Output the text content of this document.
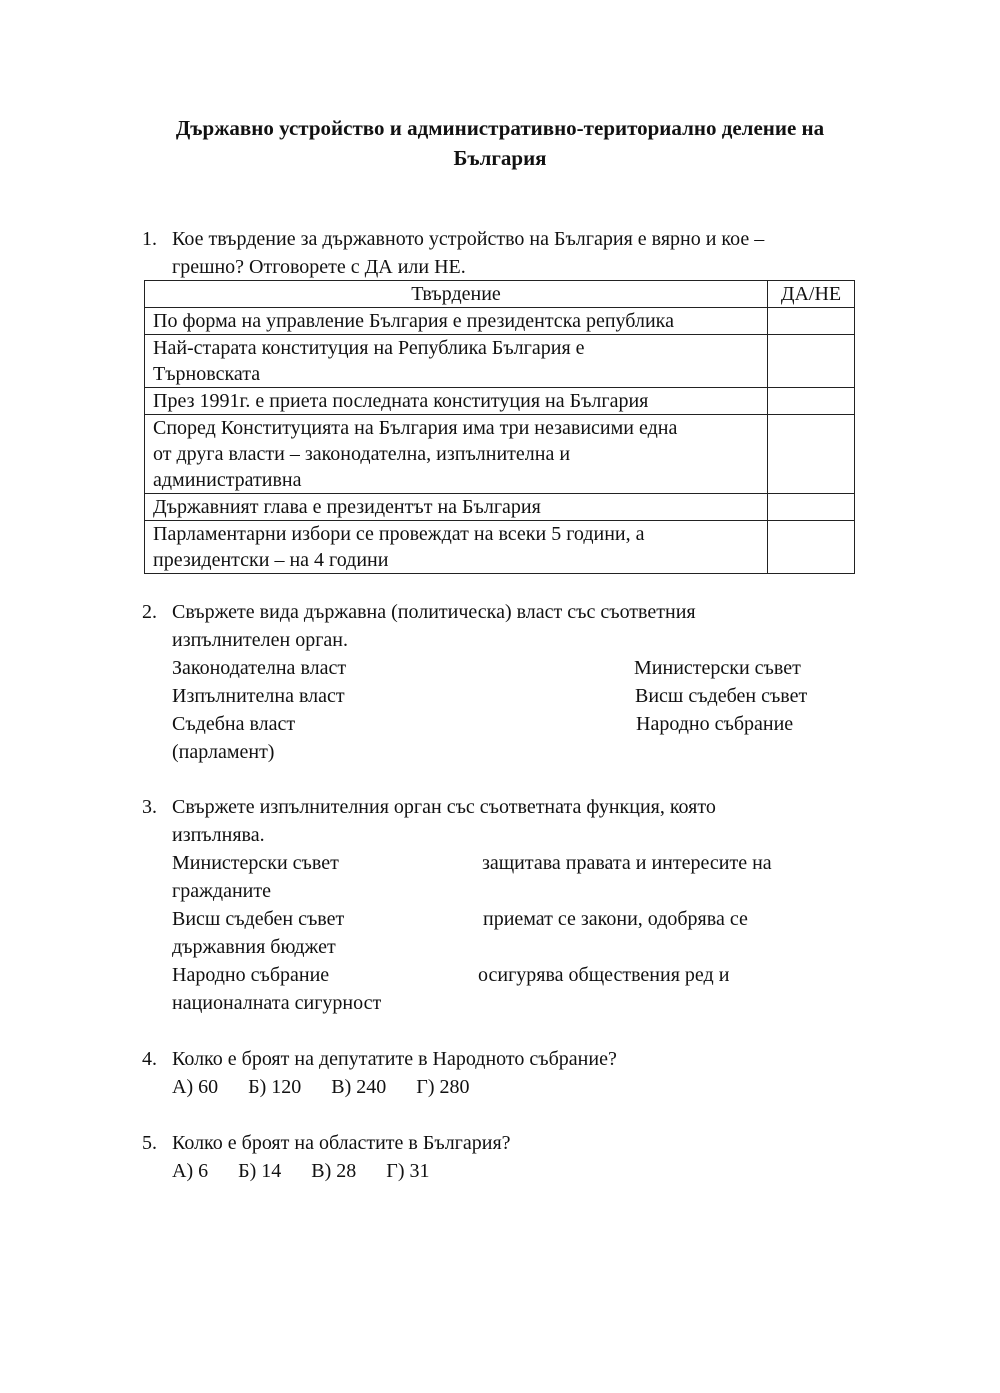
Държавно устройство и административно-териториално деление на
България
1. Кое твърдение за държавното устройство на България е вярно и кое –
грешно? Отговорете с ДА или НЕ.
Твърдение	ДА/НЕ

По форма на управление България е президентска република	

Най-старата конституция на Република България е
Търновската	

През 1991г. е приета последната конституция на България	

Според Конституцията на България има три независими една
от друга власти – законодателна, изпълнителна и
административна	

Държавният глава е президентът на България	

Парламентарни избори се провеждат на всеки 5 години, а
президентски – на 4 години	

2. Свържете вида държавна (политическа) власт със съответния
изпълнителен орган.
Законодателна власт	Министерски съвет
Изпълнителна власт	Висш съдебен съвет
Съдебна власт	Народно събрание
(парламент)
3. Свържете изпълнителния орган със съответната функция, която
изпълнява.
Министерски съвет	защитава правата и интересите на
гражданите
Висш съдебен съвет	приемат се закони, одобрява се
държавния бюджет
Народно събрание	осигурява обществения ред и
националната сигурност
4. Колко е броят на депутатите в Народното събрание?
А) 60 Б) 120 В) 240 Г) 280
5. Колко е броят на областите в България?
А) 6 Б) 14 В) 28 Г) 31
